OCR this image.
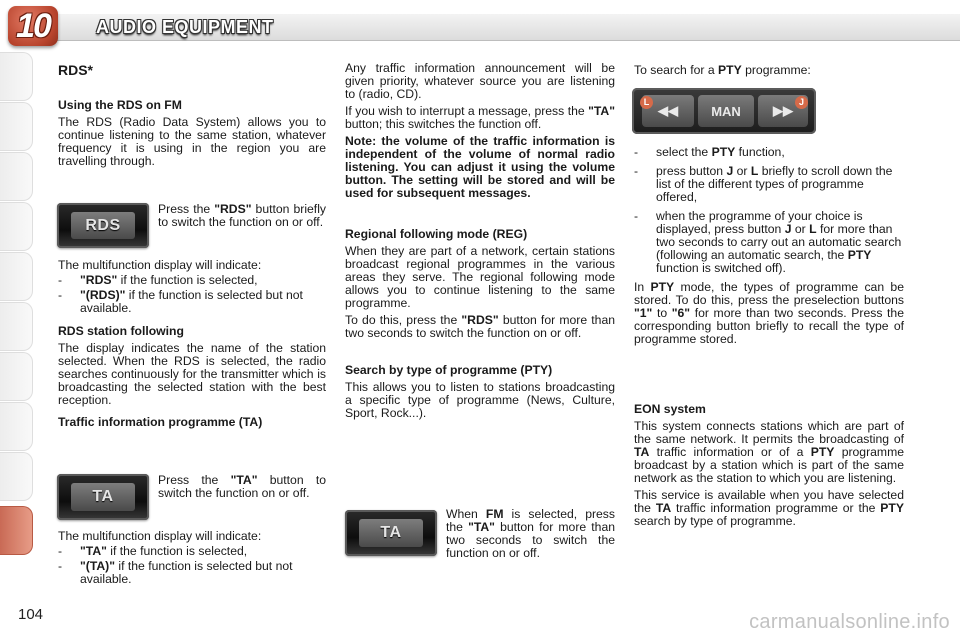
10	AUDIO EQUIPMENT
104

RDS*

Using the RDS on FM

The RDS (Radio Data System) allows you to continue listening to the same station, whatever frequency it is using in the region you are travelling through.

RDS
Press the "RDS" button briefly to switch the function on or off.

The multifunction display will indicate:

- "RDS" if the function is selected,
- "(RDS)" if the function is selected but not available.

RDS station following

The display indicates the name of the station selected. When the RDS is selected, the radio searches continuously for the transmitter which is broadcasting the selected station with the best reception.

Traffic information programme (TA)

TA
Press the "TA" button to switch the function on or off.

The multifunction display will indicate:

- "TA" if the function is selected,
- "(TA)" if the function is selected but not available.

Any traffic information announcement will be given priority, whatever source you are listening to (radio, CD).

If you wish to interrupt a message, press the "TA" button; this switches the function off.

Note: the volume of the traffic information is independent of the volume of normal radio listening. You can adjust it using the volume button. The setting will be stored and will be used for subsequent messages.

Regional following mode (REG)

When they are part of a network, certain stations broadcast regional programmes in the various areas they serve. The regional following mode allows you to continue listening to the same programme.

To do this, press the "RDS" button for more than two seconds to switch the function on or off.

Search by type of programme (PTY)

This allows you to listen to stations broadcasting a specific type of programme (News, Culture, Sport, Rock...).

TA
When FM is selected, press the "TA" button for more than two seconds to switch the function on or off.

To search for a PTY programme:

◀◀	MAN ▶▶
L	J
- select the PTY function,
- press button J or L briefly to scroll down the list of the different types of programme offered,
- when the programme of your choice is displayed, press button J or L for more than two seconds to carry out an automatic search (following an automatic search, the PTY function is switched off).

In PTY mode, the types of programme can be stored. To do this, press the preselection buttons "1" to "6" for more than two seconds. Press the corresponding button briefly to recall the type of programme stored.

EON system

This system connects stations which are part of the same network. It permits the broadcasting of TA traffic information or of a PTY programme broadcast by a station which is part of the same network as the station to which you are listening.

This service is available when you have selected the TA traffic information programme or the PTY search by type of programme.

carmanualsonline.info
